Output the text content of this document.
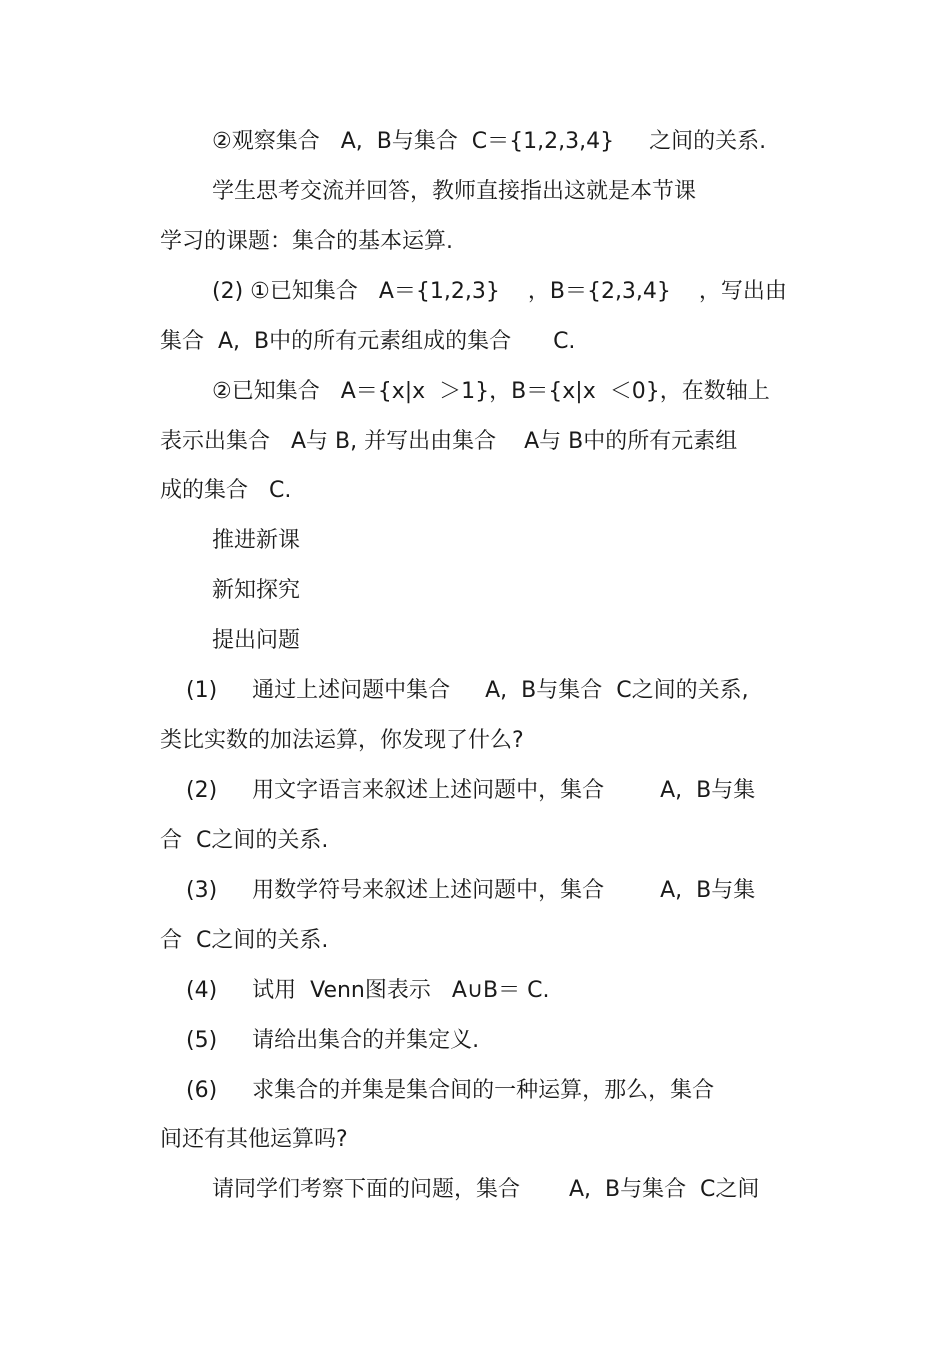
②观察集合   A,  B与集合  C＝{1,2,3,4}     之间的关系.
学生思考交流并回答，教师直接指出这就是本节课
学习的课题：集合的基本运算.
(2) ①已知集合   A＝{1,2,3}    ，B＝{2,3,4}    ，写出由
集合  A,  B中的所有元素组成的集合      C.
②已知集合   A＝{x|x  ＞1}，B＝{x|x  ＜0}，在数轴上
表示出集合   A与 B, 并写出由集合    A与 B中的所有元素组
成的集合   C.
推进新课
新知探究
提出问题
(1)     通过上述问题中集合     A,  B与集合  C之间的关系,
类比实数的加法运算，你发现了什么?
(2)     用文字语言来叙述上述问题中，集合        A,  B与集
合  C之间的关系.
(3)     用数学符号来叙述上述问题中，集合        A,  B与集
合  C之间的关系.
(4)     试用  Venn图表示   A∪B＝ C.
(5)     请给出集合的并集定义.
(6)     求集合的并集是集合间的一种运算，那么，集合
间还有其他运算吗?
请同学们考察下面的问题，集合       A,  B与集合  C之间
